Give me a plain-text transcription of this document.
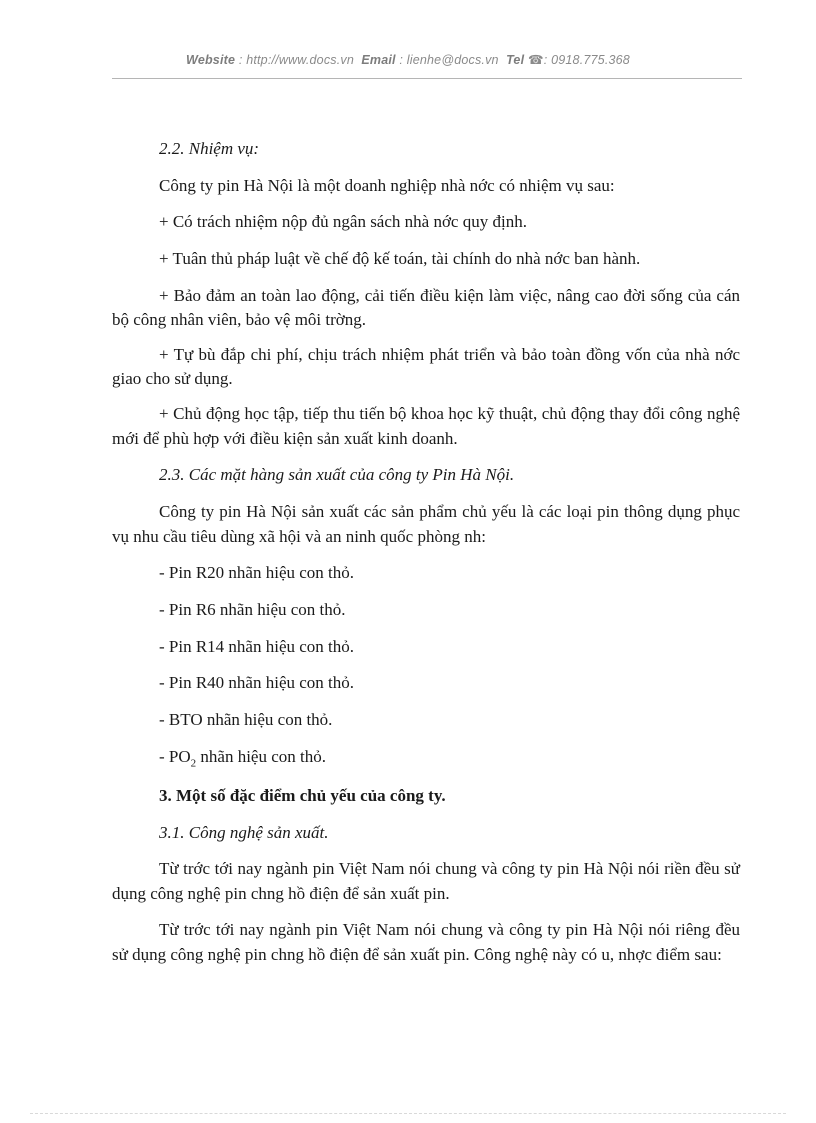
Website : http://www.docs.vn Email : lienhe@docs.vn Tel ☎: 0918.775.368

2.2. Nhiệm vụ:

Công ty pin Hà Nội là một doanh nghiệp nhà nớc có nhiệm vụ sau:

+ Có trách nhiệm nộp đủ ngân sách nhà nớc quy định.

+ Tuân thủ pháp luật về chế độ kế toán, tài chính do nhà nớc ban hành.

+ Bảo đảm an toàn lao động, cải tiến điều kiện làm việc, nâng cao đời sống của cán bộ công nhân viên, bảo vệ môi trờng.

+ Tự bù đắp chi phí, chịu trách nhiệm phát triển và bảo toàn đồng vốn của nhà nớc giao cho sử dụng.

+ Chủ động học tập, tiếp thu tiến bộ khoa học kỹ thuật, chủ động thay đổi công nghệ mới để phù hợp với điều kiện sản xuất kinh doanh.

2.3. Các mặt hàng sản xuất của công ty Pin Hà Nội.

Công ty pin Hà Nội sản xuất các sản phẩm chủ yếu là các loại pin thông dụng phục vụ nhu cầu tiêu dùng xã hội và an ninh quốc phòng nh:

- Pin R20 nhãn hiệu con thỏ.

- Pin R6 nhãn hiệu con thỏ.

- Pin R14 nhãn hiệu con thỏ.

- Pin R40 nhãn hiệu con thỏ.

- BTO nhãn hiệu con thỏ.

- $PO_2$ nhãn hiệu con thỏ.

3. Một số đặc điểm chủ yếu của công ty.

3.1. Công nghệ sản xuất.

Từ trớc tới nay ngành pin Việt Nam nói chung và công ty pin Hà Nội nói riền đều sử dụng công nghệ pin chng hồ điện để sản xuất pin.

Từ trớc tới nay ngành pin Việt Nam nói chung và công ty pin Hà Nội nói riêng đều sử dụng công nghệ pin chng hồ điện để sản xuất pin. Công nghệ này có u, nhợc điểm sau:
